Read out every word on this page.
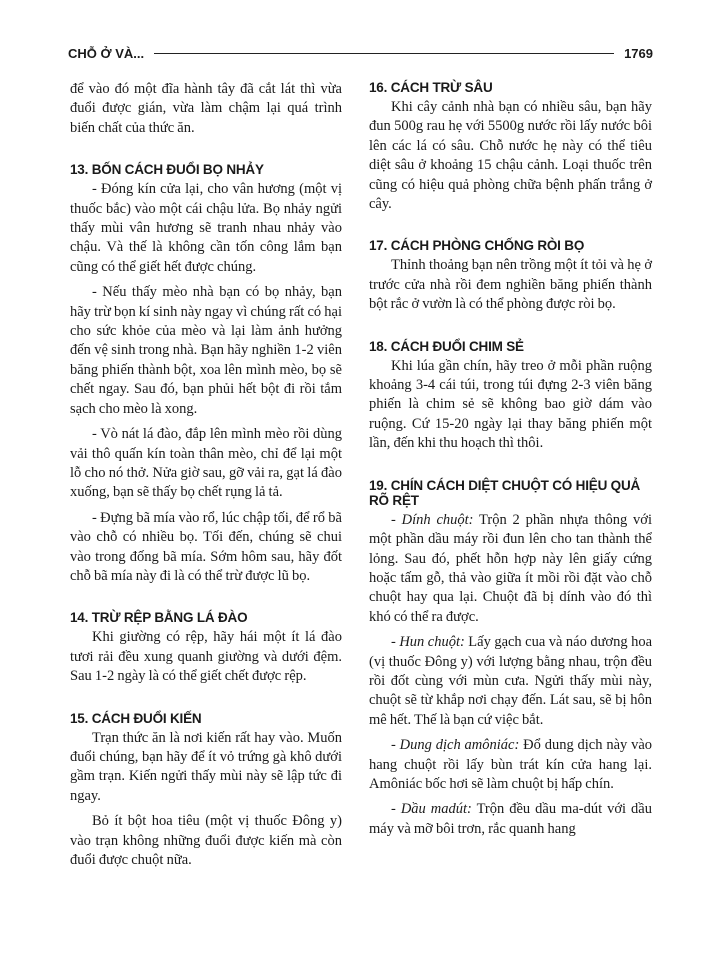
CHỖ Ở VÀ...	1769

để vào đó một đĩa hành tây đã cắt lát thì vừa đuổi được gián, vừa làm chậm lại quá trình biến chất của thức ăn.

13. BỐN CÁCH ĐUỔI BỌ NHẢY

- Đóng kín cửa lại, cho vân hương (một vị thuốc bắc) vào một cái chậu lửa. Bọ nhảy ngửi thấy mùi vân hương sẽ tranh nhau nhảy vào chậu. Và thế là không cần tốn công lắm bạn cũng có thể giết hết được chúng.

- Nếu thấy mèo nhà bạn có bọ nhảy, bạn hãy trừ bọn kí sinh này ngay vì chúng rất có hại cho sức khỏe của mèo và lại làm ảnh hưởng đến vệ sinh trong nhà. Bạn hãy nghiền 1-2 viên băng phiến thành bột, xoa lên mình mèo, bọ sẽ chết ngay. Sau đó, bạn phủi hết bột đi rồi tắm sạch cho mèo là xong.

- Vò nát lá đào, đắp lên mình mèo rồi dùng vải thô quấn kín toàn thân mèo, chỉ để lại một lỗ cho nó thở. Nửa giờ sau, gỡ vải ra, gạt lá đào xuống, bạn sẽ thấy bọ chết rụng lả tả.

- Đựng bã mía vào rổ, lúc chập tối, để rổ bã vào chỗ có nhiều bọ. Tối đến, chúng sẽ chui vào trong đống bã mía. Sớm hôm sau, hãy đốt chỗ bã mía này đi là có thể trừ được lũ bọ.

14. TRỪ RỆP BẰNG LÁ ĐÀO

Khi giường có rệp, hãy hái một ít lá đào tươi rải đều xung quanh giường và dưới đệm. Sau 1-2 ngày là có thể giết chết được rệp.

15. CÁCH ĐUỔI KIẾN

Trạn thức ăn là nơi kiến rất hay vào. Muốn đuổi chúng, bạn hãy để ít vỏ trứng gà khô dưới gầm trạn. Kiến ngửi thấy mùi này sẽ lập tức đi ngay.

Bỏ ít bột hoa tiêu (một vị thuốc Đông y) vào trạn không những đuổi được kiến mà còn đuổi được chuột nữa.

16. CÁCH TRỪ SÂU

Khi cây cảnh nhà bạn có nhiều sâu, bạn hãy đun 500g rau hẹ với 5500g nước rồi lấy nước bôi lên các lá có sâu. Chỗ nước hẹ này có thể tiêu diệt sâu ở khoảng 15 chậu cảnh. Loại thuốc trên cũng có hiệu quả phòng chữa bệnh phấn trắng ở cây.

17. CÁCH PHÒNG CHỐNG RÒI BỌ

Thỉnh thoảng bạn nên trồng một ít tỏi và hẹ ở trước cửa nhà rồi đem nghiền băng phiến thành bột rắc ở vườn là có thể phòng được ròi bọ.

18. CÁCH ĐUỔI CHIM SẺ

Khi lúa gần chín, hãy treo ở mỗi phần ruộng khoảng 3-4 cái túi, trong túi đựng 2-3 viên băng phiến là chim sẻ sẽ không bao giờ dám vào ruộng. Cứ 15-20 ngày lại thay băng phiến một lần, đến khi thu hoạch thì thôi.

19. CHÍN CÁCH DIỆT CHUỘT CÓ HIỆU QUẢ RÕ RỆT

- Dính chuột: Trộn 2 phần nhựa thông với một phần dầu máy rồi đun lên cho tan thành thể lỏng. Sau đó, phết hỗn hợp này lên giấy cứng hoặc tấm gỗ, thả vào giữa ít mồi rồi đặt vào chỗ chuột hay qua lại. Chuột đã bị dính vào đó thì khó có thể ra được.

- Hun chuột: Lấy gạch cua và náo dương hoa (vị thuốc Đông y) với lượng bằng nhau, trộn đều rồi đốt cùng với mùn cưa. Ngửi thấy mùi này, chuột sẽ từ khắp nơi chạy đến. Lát sau, sẽ bị hôn mê hết. Thế là bạn cứ việc bắt.

- Dung dịch amôniác: Đổ dung dịch này vào hang chuột rồi lấy bùn trát kín cửa hang lại. Amôniác bốc hơi sẽ làm chuột bị hấp chín.

- Dầu madút: Trộn đều dầu ma-dút với dầu máy và mỡ bôi trơn, rắc quanh hang
